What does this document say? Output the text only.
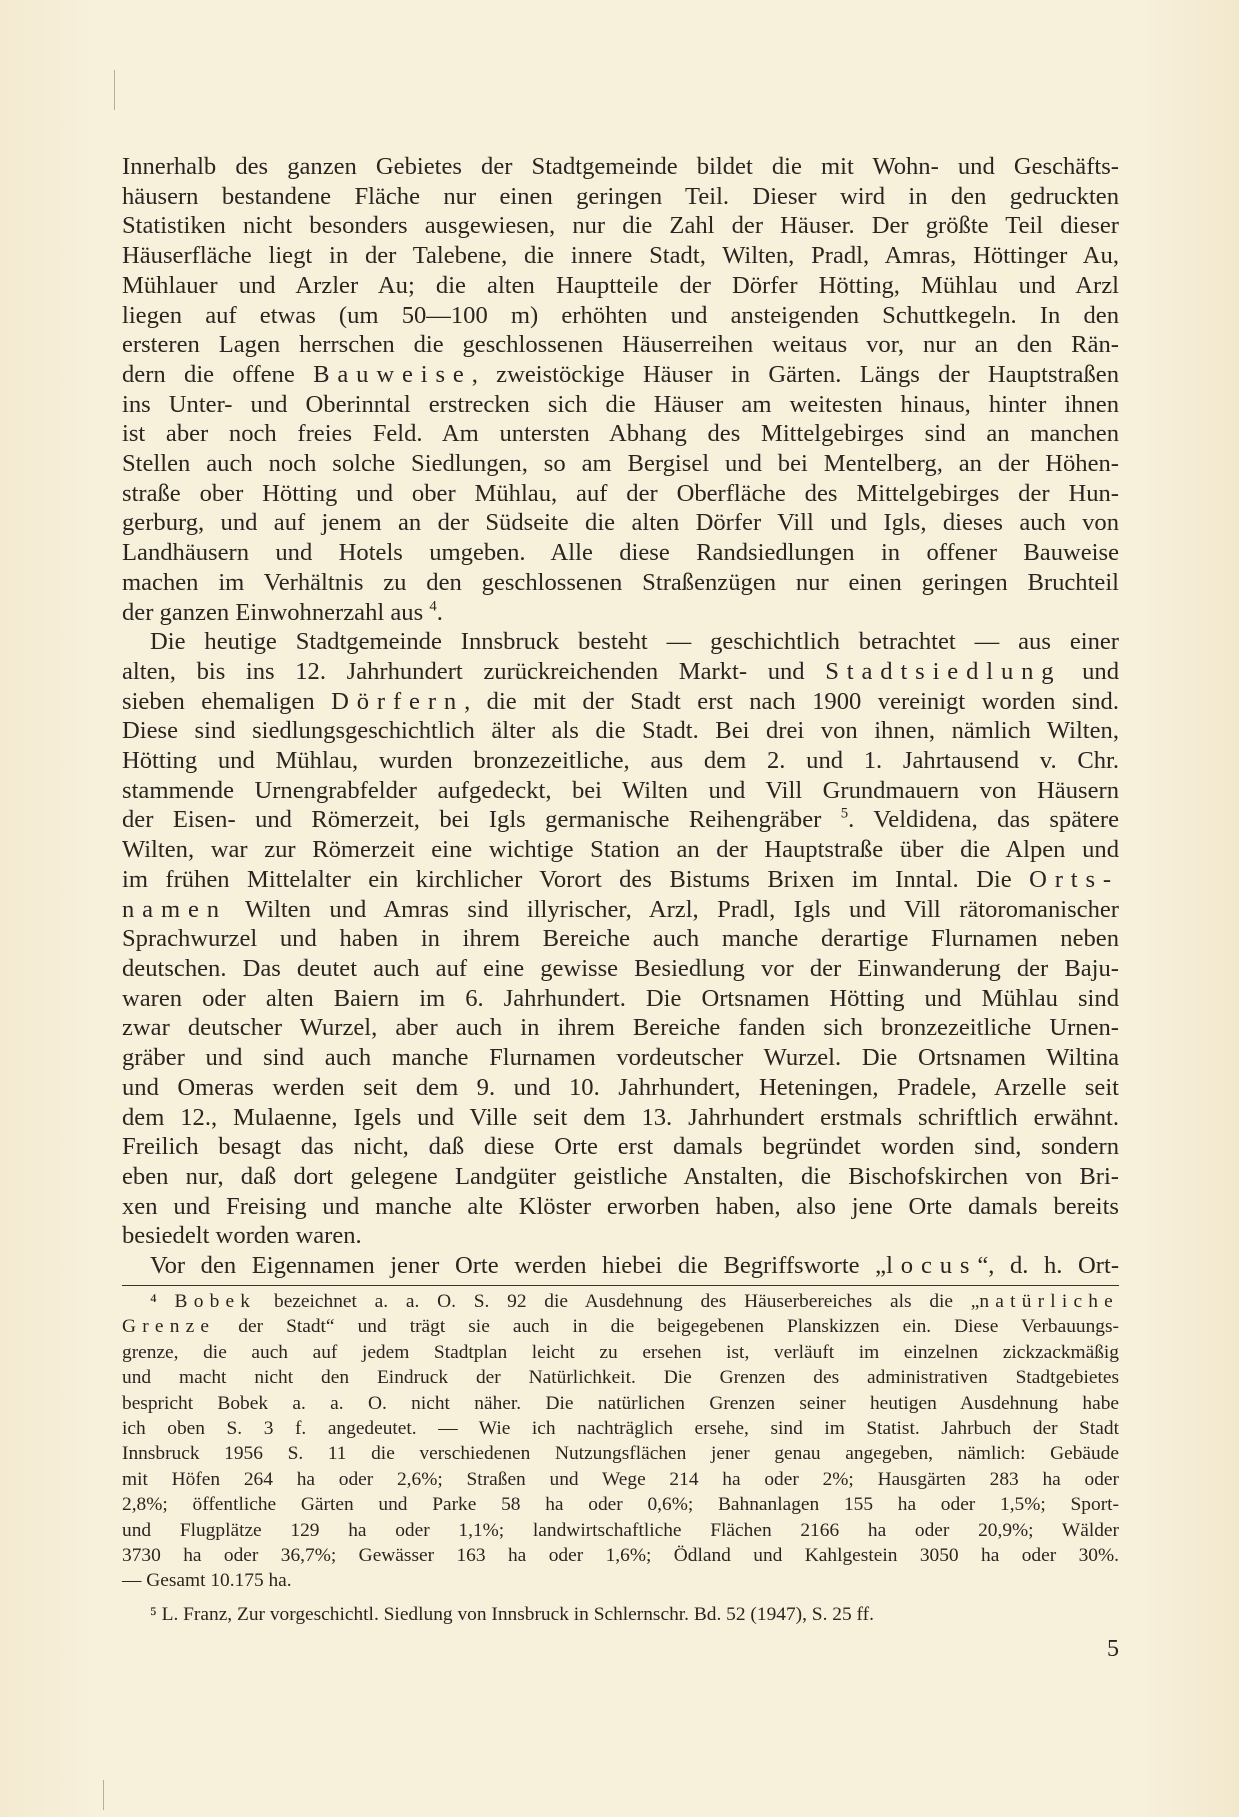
Innerhalb des ganzen Gebietes der Stadtgemeinde bildet die mit Wohn- und Geschäfts-

häusern bestandene Fläche nur einen geringen Teil. Dieser wird in den gedruckten

Statistiken nicht besonders ausgewiesen, nur die Zahl der Häuser. Der größte Teil dieser

Häuserfläche liegt in der Talebene, die innere Stadt, Wilten, Pradl, Amras, Höttinger Au,

Mühlauer und Arzler Au; die alten Hauptteile der Dörfer Hötting, Mühlau und Arzl

liegen auf etwas (um 50—100 m) erhöhten und ansteigenden Schuttkegeln. In den

ersteren Lagen herrschen die geschlossenen Häuserreihen weitaus vor, nur an den Rän-

dern die offene Bauweise, zweistöckige Häuser in Gärten. Längs der Hauptstraßen

ins Unter- und Oberinntal erstrecken sich die Häuser am weitesten hinaus, hinter ihnen

ist aber noch freies Feld. Am untersten Abhang des Mittelgebirges sind an manchen

Stellen auch noch solche Siedlungen, so am Bergisel und bei Mentelberg, an der Höhen-

straße ober Hötting und ober Mühlau, auf der Oberfläche des Mittelgebirges der Hun-

gerburg, und auf jenem an der Südseite die alten Dörfer Vill und Igls, dieses auch von

Landhäusern und Hotels umgeben. Alle diese Randsiedlungen in offener Bauweise

machen im Verhältnis zu den geschlossenen Straßenzügen nur einen geringen Bruchteil

der ganzen Einwohnerzahl aus $^4$.

Die heutige Stadtgemeinde Innsbruck besteht — geschichtlich betrachtet — aus einer

alten, bis ins 12. Jahrhundert zurückreichenden Markt- und Stadtsiedlung und

sieben ehemaligen Dörfern, die mit der Stadt erst nach 1900 vereinigt worden sind.

Diese sind siedlungsgeschichtlich älter als die Stadt. Bei drei von ihnen, nämlich Wilten,

Hötting und Mühlau, wurden bronzezeitliche, aus dem 2. und 1. Jahrtausend v. Chr.

stammende Urnengrabfelder aufgedeckt, bei Wilten und Vill Grundmauern von Häusern

der Eisen- und Römerzeit, bei Igls germanische Reihengräber $^5$. Veldidena, das spätere

Wilten, war zur Römerzeit eine wichtige Station an der Hauptstraße über die Alpen und

im frühen Mittelalter ein kirchlicher Vorort des Bistums Brixen im Inntal. Die Orts-

namen Wilten und Amras sind illyrischer, Arzl, Pradl, Igls und Vill rätoromanischer

Sprachwurzel und haben in ihrem Bereiche auch manche derartige Flurnamen neben

deutschen. Das deutet auch auf eine gewisse Besiedlung vor der Einwanderung der Baju-

waren oder alten Baiern im 6. Jahrhundert. Die Ortsnamen Hötting und Mühlau sind

zwar deutscher Wurzel, aber auch in ihrem Bereiche fanden sich bronzezeitliche Urnen-

gräber und sind auch manche Flurnamen vordeutscher Wurzel. Die Ortsnamen Wiltina

und Omeras werden seit dem 9. und 10. Jahrhundert, Heteningen, Pradele, Arzelle seit

dem 12., Mulaenne, Igels und Ville seit dem 13. Jahrhundert erstmals schriftlich erwähnt.

Freilich besagt das nicht, daß diese Orte erst damals begründet worden sind, sondern

eben nur, daß dort gelegene Landgüter geistliche Anstalten, die Bischofskirchen von Bri-

xen und Freising und manche alte Klöster erworben haben, also jene Orte damals bereits

besiedelt worden waren.

Vor den Eigennamen jener Orte werden hiebei die Begriffsworte „locus“, d. h. Ort-

⁴ Bobek bezeichnet a. a. O. S. 92 die Ausdehnung des Häuserbereiches als die „natürliche

Grenze der Stadt“ und trägt sie auch in die beigegebenen Planskizzen ein. Diese Verbauungs-

grenze, die auch auf jedem Stadtplan leicht zu ersehen ist, verläuft im einzelnen zickzackmäßig

und macht nicht den Eindruck der Natürlichkeit. Die Grenzen des administrativen Stadtgebietes

bespricht Bobek a. a. O. nicht näher. Die natürlichen Grenzen seiner heutigen Ausdehnung habe

ich oben S. 3 f. angedeutet. — Wie ich nachträglich ersehe, sind im Statist. Jahrbuch der Stadt

Innsbruck 1956 S. 11 die verschiedenen Nutzungsflächen jener genau angegeben, nämlich: Gebäude

mit Höfen 264 ha oder 2,6%; Straßen und Wege 214 ha oder 2%; Hausgärten 283 ha oder

2,8%; öffentliche Gärten und Parke 58 ha oder 0,6%; Bahnanlagen 155 ha oder 1,5%; Sport-

und Flugplätze 129 ha oder 1,1%; landwirtschaftliche Flächen 2166 ha oder 20,9%; Wälder

3730 ha oder 36,7%; Gewässer 163 ha oder 1,6%; Ödland und Kahlgestein 3050 ha oder 30%.

— Gesamt 10.175 ha.

⁵ L. Franz, Zur vorgeschichtl. Siedlung von Innsbruck in Schlernschr. Bd. 52 (1947), S. 25 ff.

5
